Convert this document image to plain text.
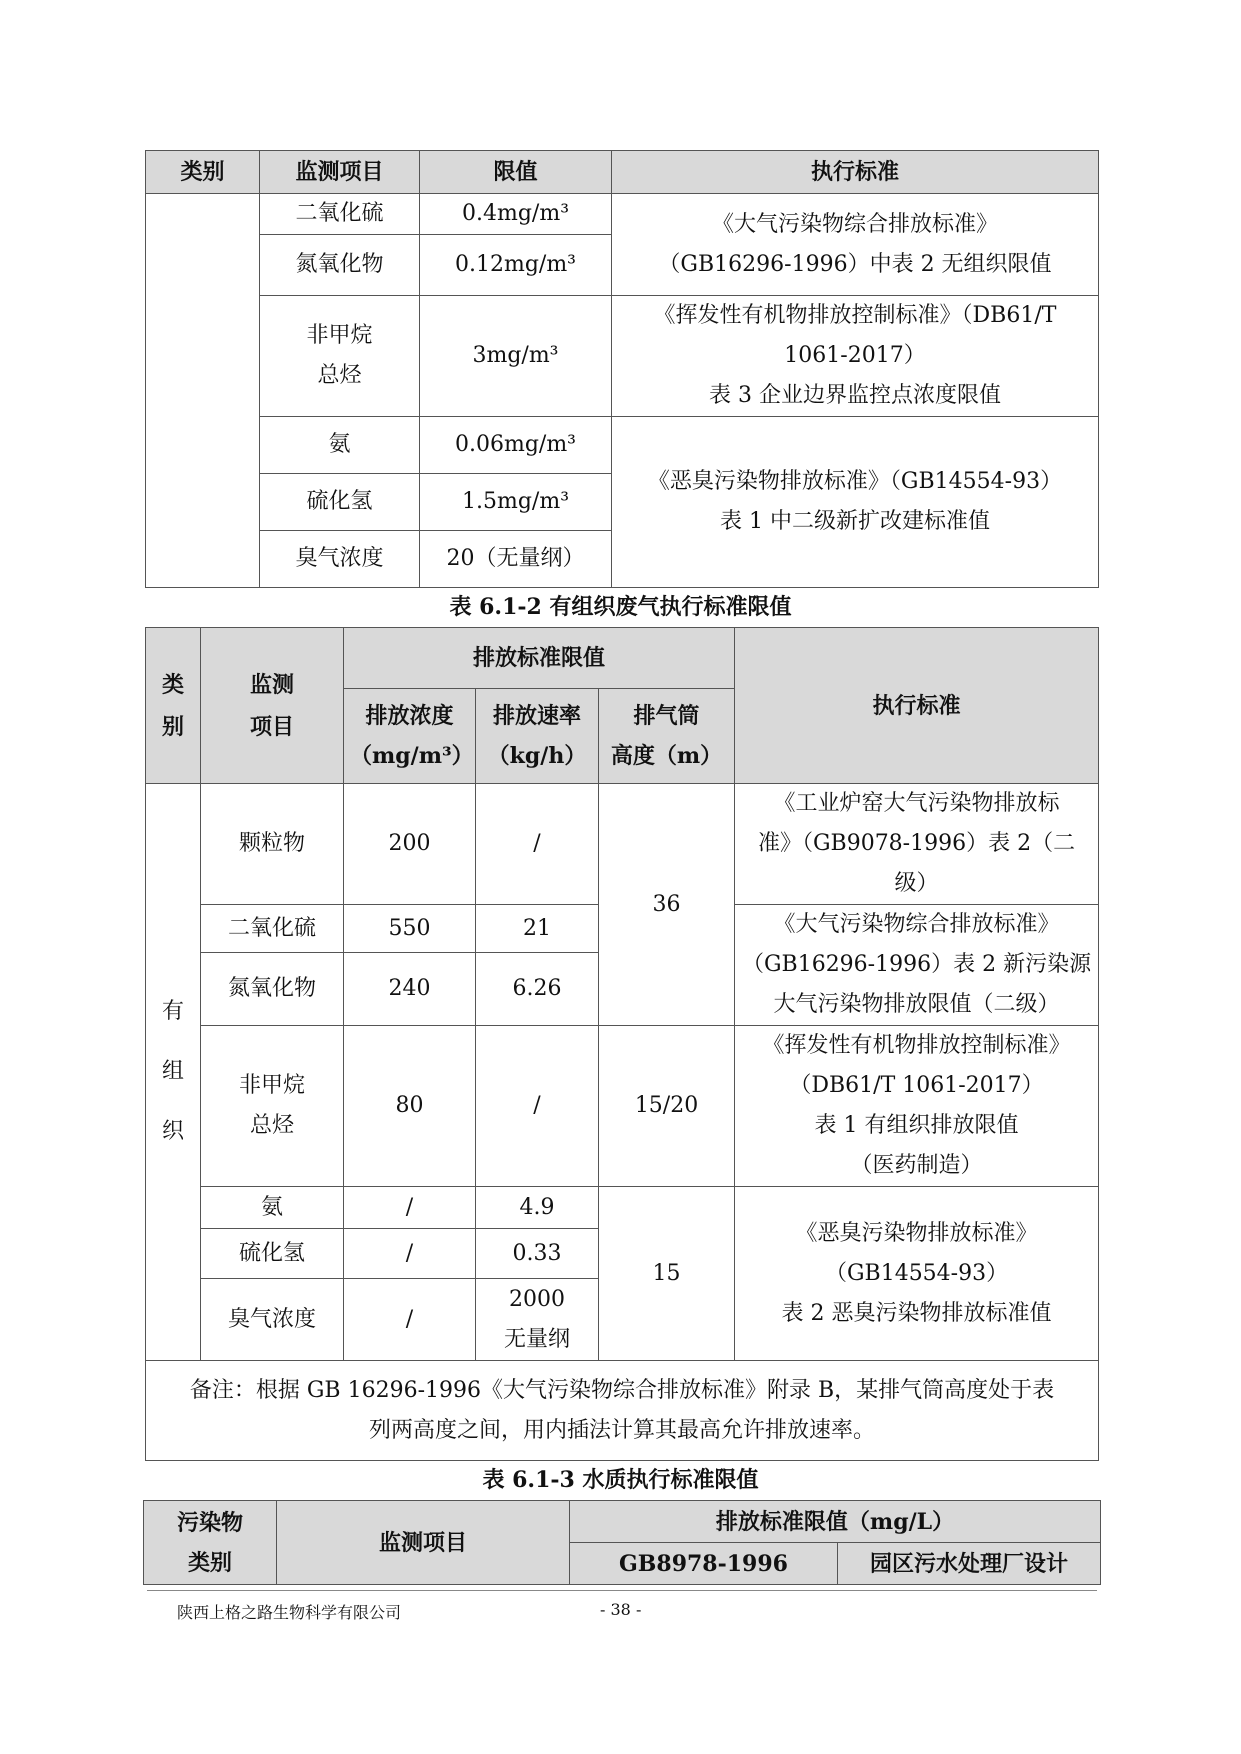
类别	监测项目	限值	执行标准
	二氧化硫	0.4mg/m³	《大气污染物综合排放标准》
（GB16296-1996）中表 2 无组织限值
	氮氧化物	0.12mg/m³	
	非甲烷
总烃	3mg/m³	《挥发性有机物排放控制标准》（DB61/T
1061-2017）
表 3 企业边界监控点浓度限值
	氨	0.06mg/m³	《恶臭污染物排放标准》（GB14554-93）
表 1 中二级新扩改建标准值
	硫化氢	1.5mg/m³	
	臭气浓度	20（无量纲）	
表 6.1-2 有组织废气执行标准限值
类
别	监测
项目	排放标准限值			执行标准
		排放浓度
（mg/m³）	排放速率
（kg/h）	排气筒
高度（m）	
有
组
织	颗粒物	200	/	36	《工业炉窑大气污染物排放标
准》（GB9078-1996）表 2（二
级）
	二氧化硫	550	21		《大气污染物综合排放标准》
（GB16296-1996）表 2 新污染源
大气污染物排放限值（二级）
	氮氧化物	240	6.26		
	非甲烷
总烃	80	/	15/20	《挥发性有机物排放控制标准》
（DB61/T 1061-2017）
表 1 有组织排放限值
（医药制造）
	氨	/	4.9	15	《恶臭污染物排放标准》
（GB14554-93）
表 2 恶臭污染物排放标准值
	硫化氢	/	0.33		
	臭气浓度	/	2000
无量纲		
备注：根据 GB 16296-1996《大气污染物综合排放标准》附录 B，某排气筒高度处于表
列两高度之间，用内插法计算其最高允许排放速率。					
表 6.1-3 水质执行标准限值
污染物
类别	监测项目	排放标准限值（mg/L）	
		GB8978-1996	园区污水处理厂设计
陕西上格之路生物科学有限公司	- 38 -
